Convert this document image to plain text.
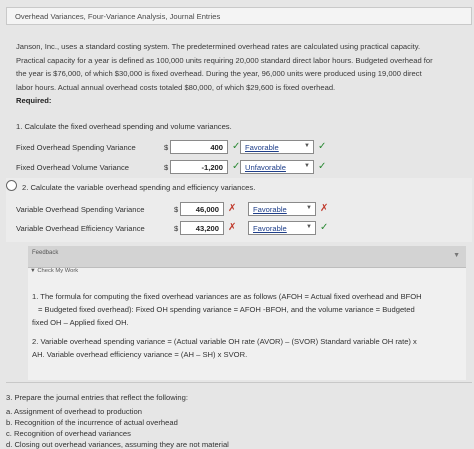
Overhead Variances, Four-Variance Analysis, Journal Entries
Janson, Inc., uses a standard costing system. The predetermined overhead rates are calculated using practical capacity.
Practical capacity for a year is defined as 100,000 units requiring 20,000 standard direct labor hours. Budgeted overhead for
the year is $76,000, of which $30,000 is fixed overhead. During the year, 96,000 units were produced using 19,000 direct
labor hours. Actual annual overhead costs totaled $80,000, of which $29,600 is fixed overhead.
Required:
1. Calculate the fixed overhead spending and volume variances.
Fixed Overhead Spending Variance	$	400 ✓ Favorable	▼ ✓
Fixed Overhead Volume Variance	$	-1,200 ✓ Unfavorable	▼ ✓
2. Calculate the variable overhead spending and efficiency variances.
Variable Overhead Spending Variance	$	46,000 ✗	Favorable	▼ ✗
Variable Overhead Efficiency Variance	$	43,200 ✗	Favorable	▼ ✓
Feedback	▼
▼ Check My Work
1. The formula for computing the fixed overhead variances are as follows (AFOH = Actual fixed overhead and BFOH
= Budgeted fixed overhead): Fixed OH spending variance = AFOH -BFOH, and the volume variance = Budgeted
fixed OH – Applied fixed OH.
2. Variable overhead spending variance = (Actual variable OH rate (AVOR) – (SVOR) Standard variable OH rate) x
AH. Variable overhead efficiency variance = (AH – SH) x SVOR.
3. Prepare the journal entries that reflect the following:
a. Assignment of overhead to production
b. Recognition of the incurrence of actual overhead
c. Recognition of overhead variances
d. Closing out overhead variances, assuming they are not material
